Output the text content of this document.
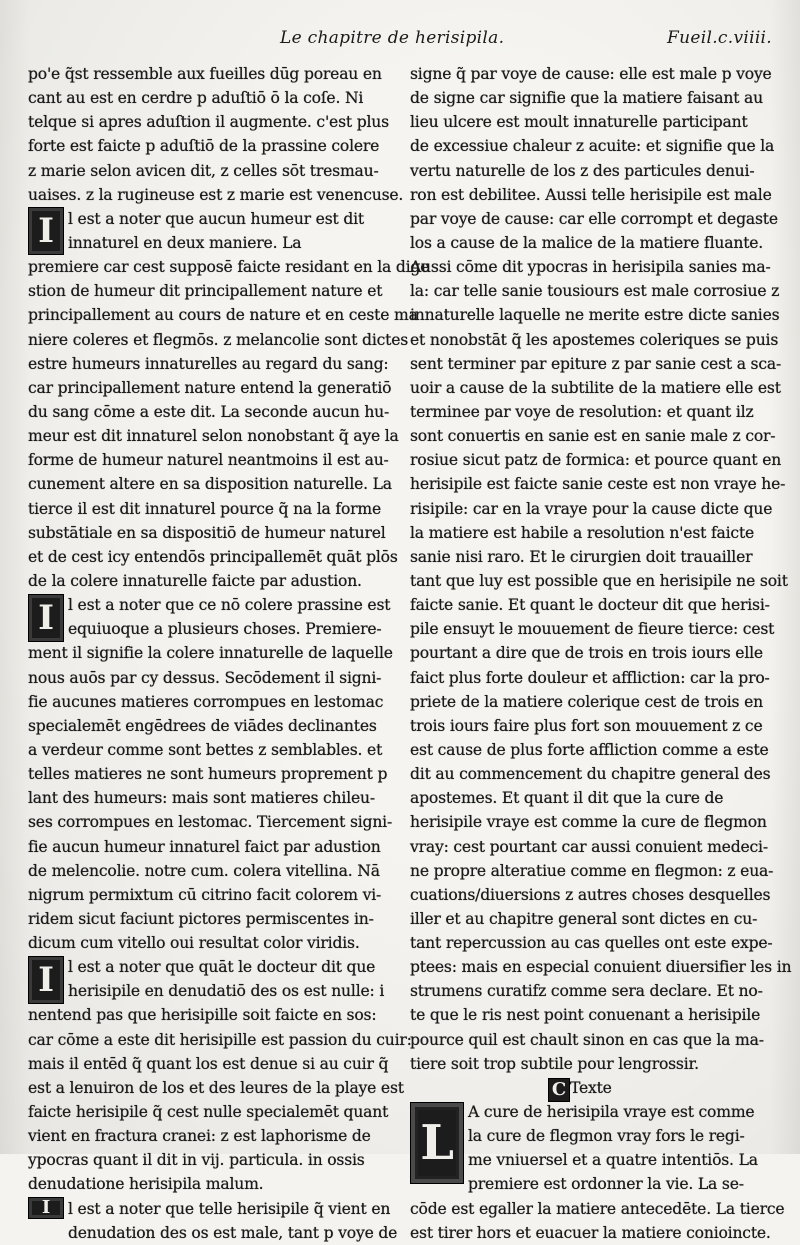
Le chapitre de herisipila.	Fueil.c.viiii.
po'e q̃st ressemble aux fueilles dūg poreau en
cant au est en cerdre p aduſtiō ō la coſe. Ni
telque si apres aduſtion il augmente. c'est plus
forte est faicte p aduſtiō de la prassine colere
z marie selon avicen dit, z celles sōt tresmau-
uaises. z la rugineuse est z marie est venencuse.
l est a noter que aucun humeur est dit
innaturel en deux maniere. La
premiere car cest supposē faicte residant en la dige
stion de humeur dit principallement nature et
principallement au cours de nature et en ceste ma
niere coleres et flegmōs. z melancolie sont dictes
estre humeurs innaturelles au regard du sang:
car principallement nature entend la generatiō
du sang cōme a este dit. La seconde aucun hu-
meur est dit innaturel selon nonobstant q̃ aye la
forme de humeur naturel neantmoins il est au-
cunement altere en sa disposition naturelle. La
tierce il est dit innaturel pource q̃ na la forme
substātiale en sa dispositiō de humeur naturel
et de cest icy entendōs principallemēt quāt plōs
de la colere innaturelle faicte par adustion.
l est a noter que ce nō colere prassine est
equiuoque a plusieurs choses. Premiere-
ment il signifie la colere innaturelle de laquelle
nous auōs par cy dessus. Secōdement il signi-
fie aucunes matieres corrompues en lestomac
specialemēt engēdrees de viādes declinantes
a verdeur comme sont bettes z semblables. et
telles matieres ne sont humeurs proprement p
lant des humeurs: mais sont matieres chileu-
ses corrompues en lestomac. Tiercement signi-
fie aucun humeur innaturel faict par adustion
de melencolie. notre cum. colera vitellina. Nā
nigrum permixtum cū citrino facit colorem vi-
ridem sicut faciunt pictores permiscentes in-
dicum cum vitello oui resultat color viridis.
l est a noter que quāt le docteur dit que
herisipile en denudatiō des os est nulle: i
nentend pas que herisipille soit faicte en sos:
car cōme a este dit herisipille est passion du cuir:
mais il entēd q̃ quant los est denue si au cuir q̃
est a lenuiron de los et des leures de la playe est
faicte herisipile q̃ cest nulle specialemēt quant
vient en fractura cranei: z est laphorisme de
ypocras quant il dit in vij. particula. in ossis
denudatione herisipila malum.
l est a noter que telle herisipile q̃ vient en
denudation des os est male, tant p voye de
I
I
I
I
signe q̃ par voye de cause: elle est male p voye
de signe car signifie que la matiere faisant au
lieu ulcere est moult innaturelle participant
de excessiue chaleur z acuite: et signifie que la
vertu naturelle de los z des particules denui-
ron est debilitee. Aussi telle herisipile est male
par voye de cause: car elle corrompt et degaste
los a cause de la malice de la matiere fluante.
Aussi cōme dit ypocras in herisipila sanies ma-
la: car telle sanie tousiours est male corrosiue z
innaturelle laquelle ne merite estre dicte sanies
et nonobstāt q̃ les apostemes coleriques se puis
sent terminer par epiture z par sanie cest a sca-
uoir a cause de la subtilite de la matiere elle est
terminee par voye de resolution: et quant ilz
sont conuertis en sanie est en sanie male z cor-
rosiue sicut patz de formica: et pource quant en
herisipile est faicte sanie ceste est non vraye he-
risipile: car en la vraye pour la cause dicte que
la matiere est habile a resolution n'est faicte
sanie nisi raro. Et le cirurgien doit trauailler
tant que luy est possible que en herisipile ne soit
faicte sanie. Et quant le docteur dit que herisi-
pile ensuyt le mouuement de fieure tierce: cest
pourtant a dire que de trois en trois iours elle
faict plus forte douleur et affliction: car la pro-
priete de la matiere colerique cest de trois en
trois iours faire plus fort son mouuement z ce
est cause de plus forte affliction comme a este
dit au commencement du chapitre general des
apostemes. Et quant il dit que la cure de
herisipile vraye est comme la cure de flegmon
vray: cest pourtant car aussi conuient medeci-
ne propre alteratiue comme en flegmon: z eua-
cuations/diuersions z autres choses desquelles
iller et au chapitre general sont dictes en cu-
tant repercussion au cas quelles ont este expe-
ptees: mais en especial conuient diuersifier les in
strumens curatifz comme sera declare. Et no-
te que le ris nest point conuenant a herisipile
pource quil est chault sinon en cas que la ma-
tiere soit trop subtile pour lengrossir.
Texte
A cure de herisipila vraye est comme
la cure de flegmon vray fors le regi-
me vniuersel et a quatre intentiōs. La
premiere est ordonner la vie. La se-
cōde est egaller la matiere antecedēte. La tierce
est tirer hors et euacuer la matiere conioincte.
C
L
